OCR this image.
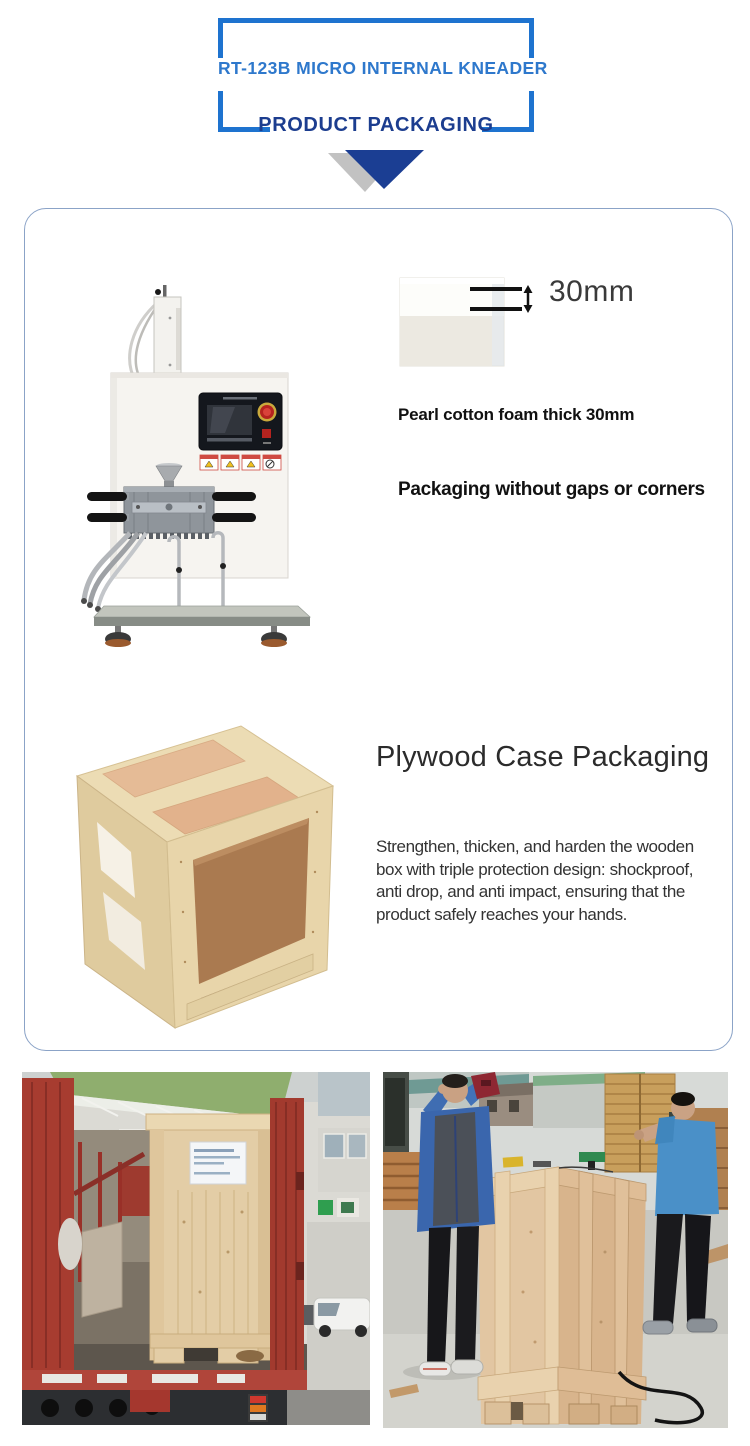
RT-123B MICRO INTERNAL KNEADER
PRODUCT PACKAGING
30mm
Pearl cotton foam thick 30mm
Packaging without gaps or corners
Plywood Case Packaging
Strengthen, thicken, and harden the wooden
box with triple protection design: shockproof,
anti drop, and anti impact, ensuring that the
product safely reaches your hands.
